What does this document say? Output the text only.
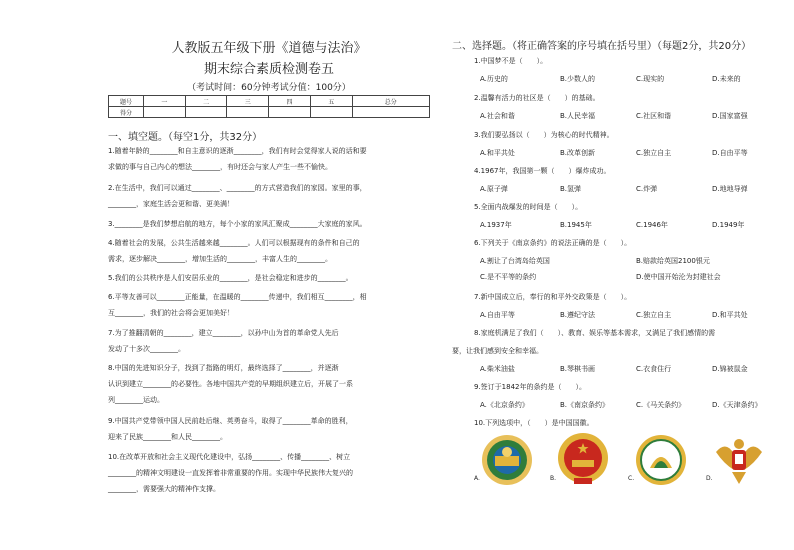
人教版五年级下册《道德与法治》
期末综合素质检测卷五
（考试时间：60分钟考试分值：100分）
题号	一	二	三	四	五	总分
得分						
一、填空题。（每空1分，共32分）
1.随着年龄的________和自主意识的逐渐________，我们有时会觉得家人说的话和要
求做的事与自己内心的想法________，有时还会与家人产生一些不愉快。
2.在生活中，我们可以通过________、________的方式营造我们的家园。家里的事，
________，家庭生活会更和谐、更美满！
3.________是我们梦想启航的地方，每个小家的家风汇聚成________大家庭的家风。
4.随着社会的发展，公共生活越来越________。人们可以根据现有的条件和自己的
需求，逐步解决________，增加生活的________，丰富人生的________。
5.我们的公共秩序是人们安居乐业的________，是社会稳定和进步的________。
6.平等友善可以________正能量，在温暖的________传递中，我们相互________，相
互________，我们的社会将会更加美好！
7.为了推翻清朝的________，建立________，以孙中山为首的革命党人先后
发动了十多次________。
8.中国的先进知识分子，找到了指路的明灯，最终选择了________，并逐渐
认识到建立________的必要性。各地中国共产党的早期组织建立后，开展了一系
列________运动。
9.中国共产党带领中国人民前赴后继、英勇奋斗，取得了________革命的胜利，
迎来了民族________和人民________。
10.在改革开放和社会主义现代化建设中，弘扬________、传播________、树立
________的精神文明建设一直发挥着非常重要的作用。实现中华民族伟大复兴的
________，需要强大的精神作支撑。
二、选择题。（将正确答案的序号填在括号里）（每题2分，共20分）
1.中国梦不是（　　）。
A.历史的	B.少数人的	C.现实的	D.未来的
2.温馨有活力的社区是（　　）的基础。
A.社会和谐	B.人民幸福	C.社区和谐	D.国家富强
3.我们要弘扬以（　　）为核心的时代精神。
A.和平共处	B.改革创新	C.独立自主	D.自由平等
4.1967年，我国第一颗（　　）爆炸成功。
A.原子弹	B.氢弹	C.炸弹	D.地地导弹
5.全面内战爆发的时间是（　　）。
A.1937年	B.1945年	C.1946年	D.1949年
6.下列关于《南京条约》的说法正确的是（　　）。
A.割让了台湾岛给英国	B.赔款给英国2100银元
C.是不平等的条约	D.使中国开始沦为封建社会
7.新中国成立后，奉行的和平外交政策是（　　）。
A.自由平等	B.遵纪守法	C.独立自主	D.和平共处
8.家庭机满足了我们（　　）、教育、娱乐等基本需求，又满足了我们感情的需
要，让我们感到安全和幸福。
A.柴米油盐	B.琴棋书画	C.衣食住行	D.锦被鼠金
9.签订于1842年的条约是（　　）。
A.《北京条约》	B.《南京条约》	C.《马关条约》	D.《天津条约》
10.下列选项中，（　　）是中国国徽。
A.	B.	C.	D.
